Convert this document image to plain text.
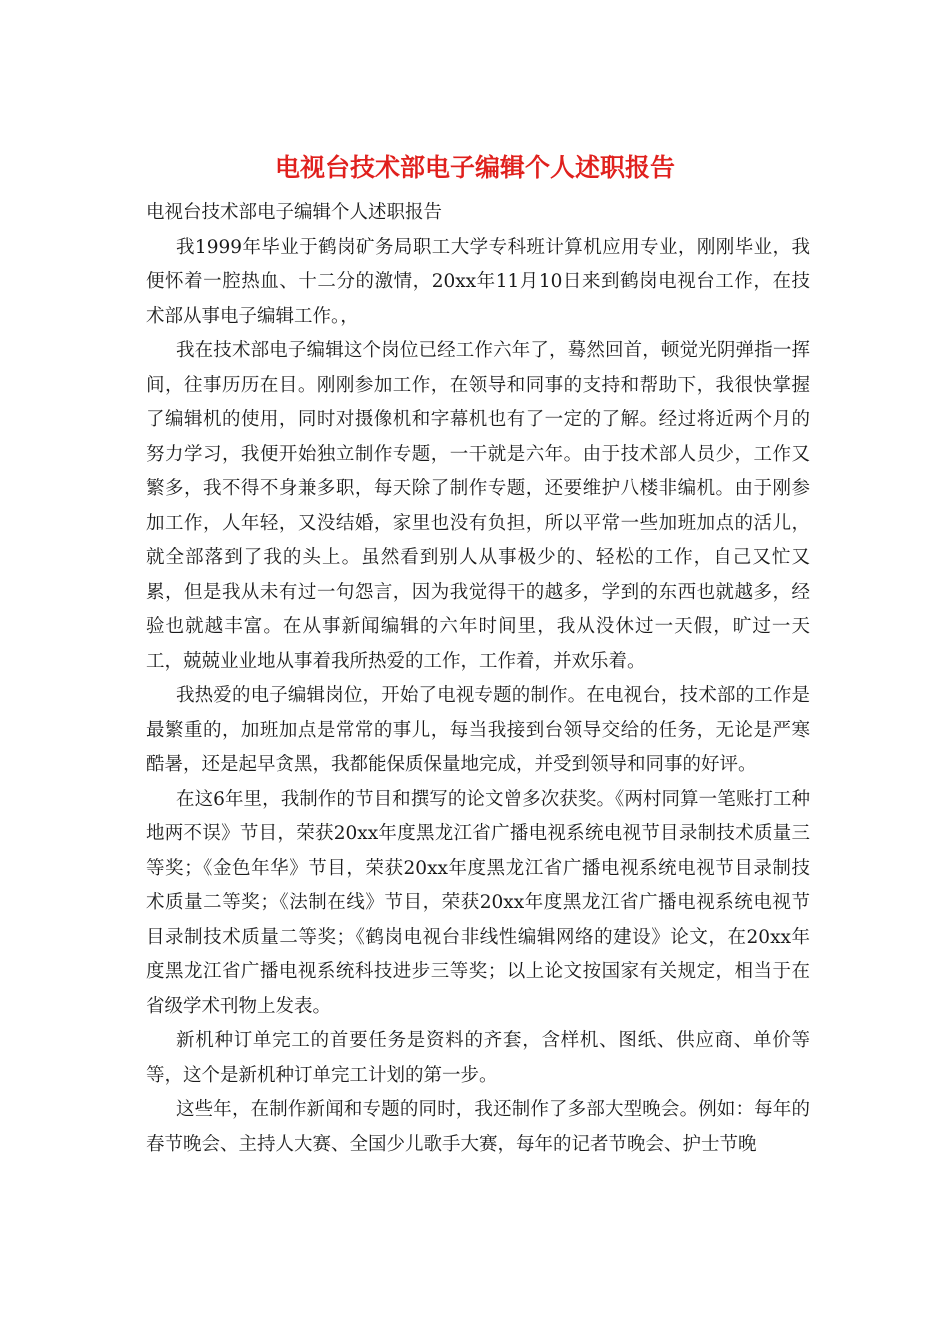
电视台技术部电子编辑个人述职报告

电视台技术部电子编辑个人述职报告

我1999年毕业于鹤岗矿务局职工大学专科班计算机应用专业，刚刚毕业，我便怀着一腔热血、十二分的激情，20xx年11月10日来到鹤岗电视台工作，在技术部从事电子编辑工作。，

我在技术部电子编辑这个岗位已经工作六年了，蓦然回首，顿觉光阴弹指一挥间，往事历历在目。刚刚参加工作，在领导和同事的支持和帮助下，我很快掌握了编辑机的使用，同时对摄像机和字幕机也有了一定的了解。经过将近两个月的努力学习，我便开始独立制作专题，一干就是六年。由于技术部人员少，工作又繁多，我不得不身兼多职，每天除了制作专题，还要维护八楼非编机。由于刚参加工作，人年轻，又没结婚，家里也没有负担，所以平常一些加班加点的活儿，就全部落到了我的头上。虽然看到别人从事极少的、轻松的工作，自己又忙又累，但是我从未有过一句怨言，因为我觉得干的越多，学到的东西也就越多，经验也就越丰富。在从事新闻编辑的六年时间里，我从没休过一天假，旷过一天工，兢兢业业地从事着我所热爱的工作，工作着，并欢乐着。

我热爱的电子编辑岗位，开始了电视专题的制作。在电视台，技术部的工作是最繁重的，加班加点是常常的事儿，每当我接到台领导交给的任务，无论是严寒酷暑，还是起早贪黑，我都能保质保量地完成，并受到领导和同事的好评。

在这6年里，我制作的节目和撰写的论文曾多次获奖。《两村同算一笔账打工种地两不误》节目，荣获20xx年度黑龙江省广播电视系统电视节目录制技术质量三等奖；《金色年华》节目，荣获20xx年度黑龙江省广播电视系统电视节目录制技术质量二等奖；《法制在线》节目，荣获20xx年度黑龙江省广播电视系统电视节目录制技术质量二等奖；《鹤岗电视台非线性编辑网络的建设》论文，在20xx年度黑龙江省广播电视系统科技进步三等奖；以上论文按国家有关规定，相当于在省级学术刊物上发表。

新机种订单完工的首要任务是资料的齐套，含样机、图纸、供应商、单价等等，这个是新机种订单完工计划的第一步。

这些年，在制作新闻和专题的同时，我还制作了多部大型晚会。例如：每年的春节晚会、主持人大赛、全国少儿歌手大赛，每年的记者节晚会、护士节晚
